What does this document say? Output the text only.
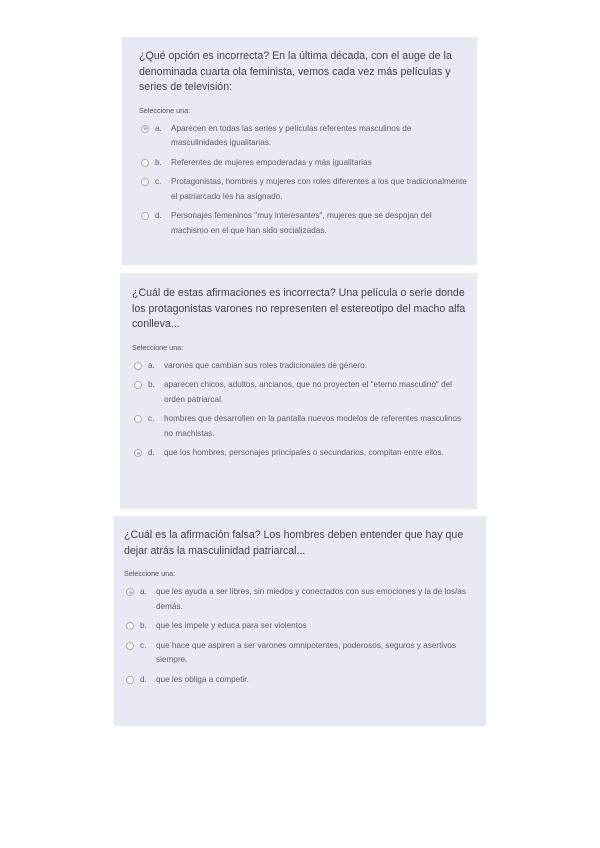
¿Qué opción es incorrecta? En la última década, con el auge de la denominada cuarta ola feminista, vemos cada vez más películas y series de televisión:

Seleccione una:
a.	Aparecen en todas las series y películas referentes masculinos de masculinidades igualitarias.
b.	Referentes de mujeres empoderadas y más igualitarias
c.	Protagonistas, hombres y mujeres con roles diferentes a los que tradicionalmente el patriarcado les ha asignado.
d.	Personajes femeninos "muy interesantes", mujeres que se despojan del machismo en el que han sido socializadas.

¿Cuál de estas afirmaciones es incorrecta? Una película o serie donde los protagonistas varones no representen el estereotipo del macho alfa conlleva...

Seleccione una:
a.	varones que cambian sus roles tradicionales de género.
b.	aparecen chicos, adultos, ancianos, que no proyecten el "eterno masculino" del orden patriarcal.
c.	hombres que desarrollen en la pantalla nuevos modelos de referentes masculinos no machistas.
d.	que los hombres, personajes principales o secundarios, compitan entre ellos.

¿Cuál es la afirmación falsa? Los hombres deben entender que hay que dejar atrás la masculinidad patriarcal...

Seleccione una:
a.	que les ayuda a ser libres, sin miedos y conectados con sus emociones y la de los/as demás.
b.	que les impele y educa para ser violentos
c.	que hace que aspiren a ser varones omnipotentes, poderosos, seguros y asertivos siempre.
d.	que les obliga a competir.
